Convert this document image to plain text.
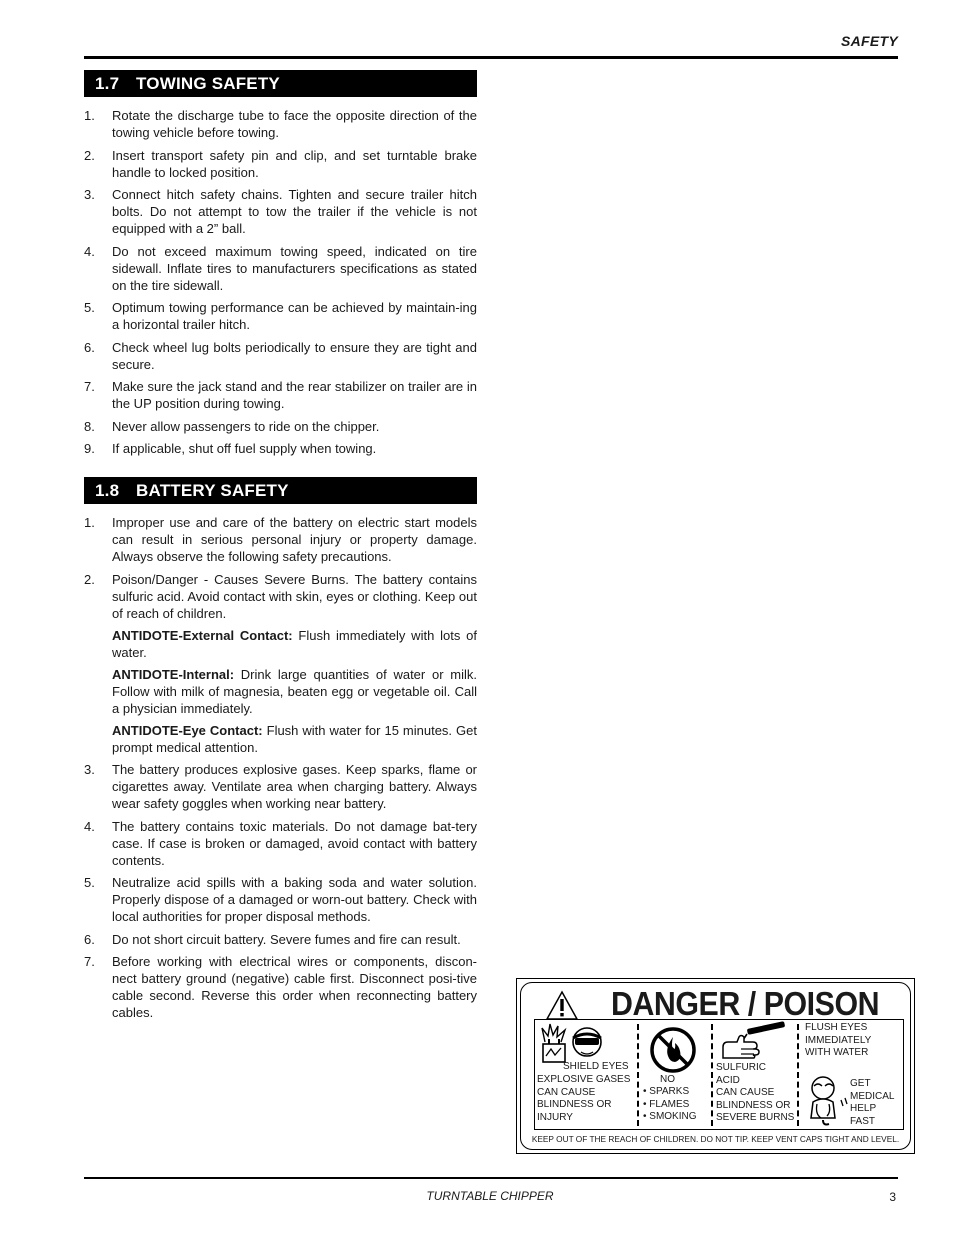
SAFETY
1.7 TOWING SAFETY
1. Rotate the discharge tube to face the opposite direction of the towing vehicle before towing.
2. Insert transport safety pin and clip, and set turntable brake handle to locked position.
3. Connect hitch safety chains. Tighten and secure trailer hitch bolts. Do not attempt to tow the trailer if the vehicle is not equipped with a 2” ball.
4. Do not exceed maximum towing speed, indicated on tire sidewall. Inflate tires to manufacturers specifications as stated on the tire sidewall.
5. Optimum towing performance can be achieved by maintain-ing a horizontal trailer hitch.
6. Check wheel lug bolts periodically to ensure they are tight and secure.
7. Make sure the jack stand and the rear stabilizer on trailer are in the UP position during towing.
8. Never allow passengers to ride on the chipper.
9. If applicable, shut off fuel supply when towing.
1.8 BATTERY SAFETY
1. Improper use and care of the battery on electric start models can result in serious personal injury or property damage. Always observe the following safety precautions.
2. Poison/Danger - Causes Severe Burns. The battery contains sulfuric acid. Avoid contact with skin, eyes or clothing. Keep out of reach of children.

ANTIDOTE-External Contact: Flush immediately with lots of water.

ANTIDOTE-Internal: Drink large quantities of water or milk. Follow with milk of magnesia, beaten egg or vegetable oil. Call a physician immediately.

ANTIDOTE-Eye Contact: Flush with water for 15 minutes. Get prompt medical attention.

3. The battery produces explosive gases. Keep sparks, flame or cigarettes away. Ventilate area when charging battery. Always wear safety goggles when working near battery.
4. The battery contains toxic materials. Do not damage bat-tery case. If case is broken or damaged, avoid contact with battery contents.
5. Neutralize acid spills with a baking soda and water solution. Properly dispose of a damaged or worn-out battery. Check with local authorities for proper disposal methods.
6. Do not short circuit battery. Severe fumes and fire can result.
7. Before working with electrical wires or components, discon-nect battery ground (negative) cable first. Disconnect posi-tive cable second. Reverse this order when reconnecting battery cables.	DANGER / POISON
SHIELD EYES
EXPLOSIVE GASES
CAN CAUSE
BLINDNESS OR
INJURY
NO
• SPARKS
• FLAMES
• SMOKING
SULFURIC
ACID
CAN CAUSE
BLINDNESS OR
SEVERE BURNS
FLUSH EYES
IMMEDIATELY
WITH WATER
GET
MEDICAL
HELP
FAST
KEEP OUT OF THE REACH OF CHILDREN. DO NOT TIP. KEEP VENT CAPS TIGHT AND LEVEL.
TURNTABLE CHIPPER	3
